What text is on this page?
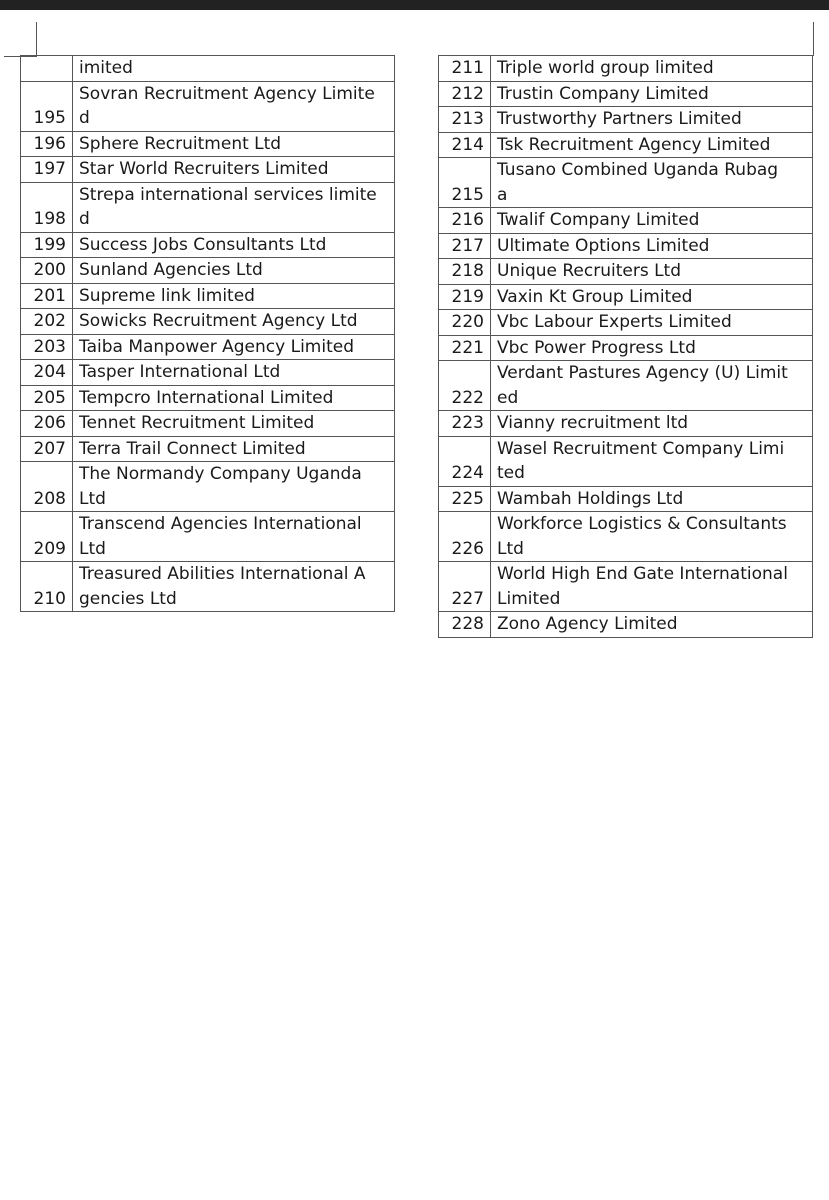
	imited

195	Sovran Recruitment Agency Limite
d

196	Sphere Recruitment Ltd

197	Star World Recruiters Limited

198	Strepa international services limite
d

199	Success Jobs Consultants Ltd

200	Sunland Agencies Ltd

201	Supreme link limited

202	Sowicks Recruitment Agency Ltd

203	Taiba Manpower Agency Limited

204	Tasper International Ltd

205	Tempcro International Limited

206	Tennet Recruitment Limited

207	Terra Trail Connect Limited

208	The Normandy Company Uganda
Ltd

209	Transcend Agencies International
Ltd

210	Treasured Abilities International A
gencies Ltd
211	Triple world group limited

212	Trustin Company Limited

213	Trustworthy Partners Limited

214	Tsk Recruitment Agency Limited

215	Tusano Combined Uganda Rubag
a

216	Twalif Company Limited

217	Ultimate Options Limited

218	Unique Recruiters Ltd

219	Vaxin Kt Group Limited

220	Vbc Labour Experts Limited

221	Vbc Power Progress Ltd

222	Verdant Pastures Agency (U) Limit
ed

223	Vianny recruitment ltd

224	Wasel Recruitment Company Limi
ted

225	Wambah Holdings Ltd

226	Workforce Logistics & Consultants
Ltd

227	World High End Gate International
Limited

228	Zono Agency Limited
